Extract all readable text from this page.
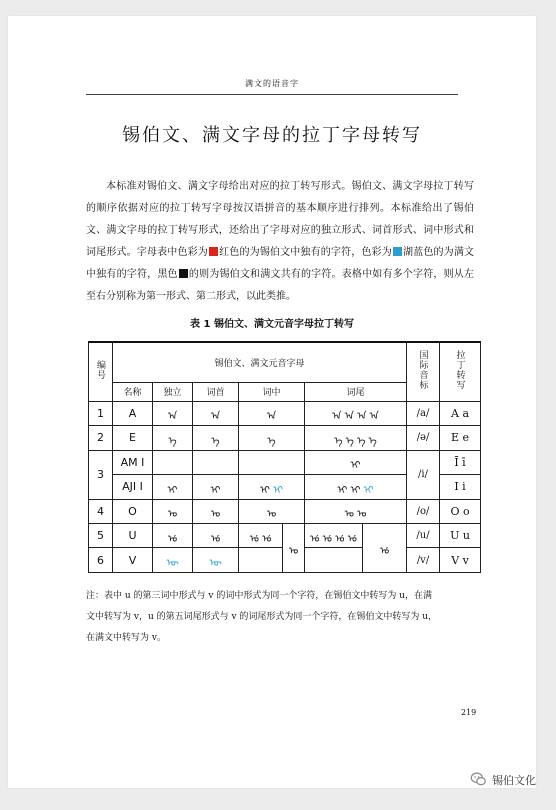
满文的语音字
锡伯文、满文字母的拉丁字母转写

本标准对锡伯文、满文字母给出对应的拉丁转写形式。锡伯文、满文字母拉丁转写的顺序依据对应的拉丁转写字母按汉语拼音的基本顺序进行排列。本标准给出了锡伯文、满文字母的拉丁转写形式，还给出了字母对应的独立形式、词首形式、词中形式和词尾形式。字母表中色彩为 红色的为锡伯文中独有的字符，色彩为 湖蓝色的为满文中独有的字符，黑色 的则为锡伯文和满文共有的字符。表格中如有多个字符，则从左至右分别称为第一形式、第二形式，以此类推。

表 1 锡伯文、满文元音字母拉丁转写
编号	锡伯文、满文元音字母							国际音标	拉丁转写
	名称	独立	词首	词中		词尾			
1	A	ᠠ	ᠠ	ᠠ		ᠠ ᠠ ᠠ ᠠ		/a/	A a
2	E	ᡝ	ᡝ	ᡝ		ᡝ ᡝ ᡝ ᡝ		/ə/	E e
3	AM I					ᡳ		/i/	Ī ī
	AJI I	ᡳ	ᡳ	ᡳ ᡳ		ᡳ ᡳ ᡳ			I i
4	O	ᠣ	ᠣ	ᠣ		ᠣ ᠣ		/o/	O o
5	U	ᡠ	ᡠ	ᡠ ᡠ	ᠣ	ᡠ ᡠ ᡠ ᡠ	ᡠ	/u/	U u
6	V	ᡡ	ᡡ					/v/	V v

注：表中 u 的第三词中形式与 v 的词中形式为同一个字符，在锡伯文中转写为 u，在满

文中转写为 v，u 的第五词尾形式与 v 的词尾形式为同一个字符，在锡伯文中转写为 u，

在满文中转写为 v。

219
锡伯文化
